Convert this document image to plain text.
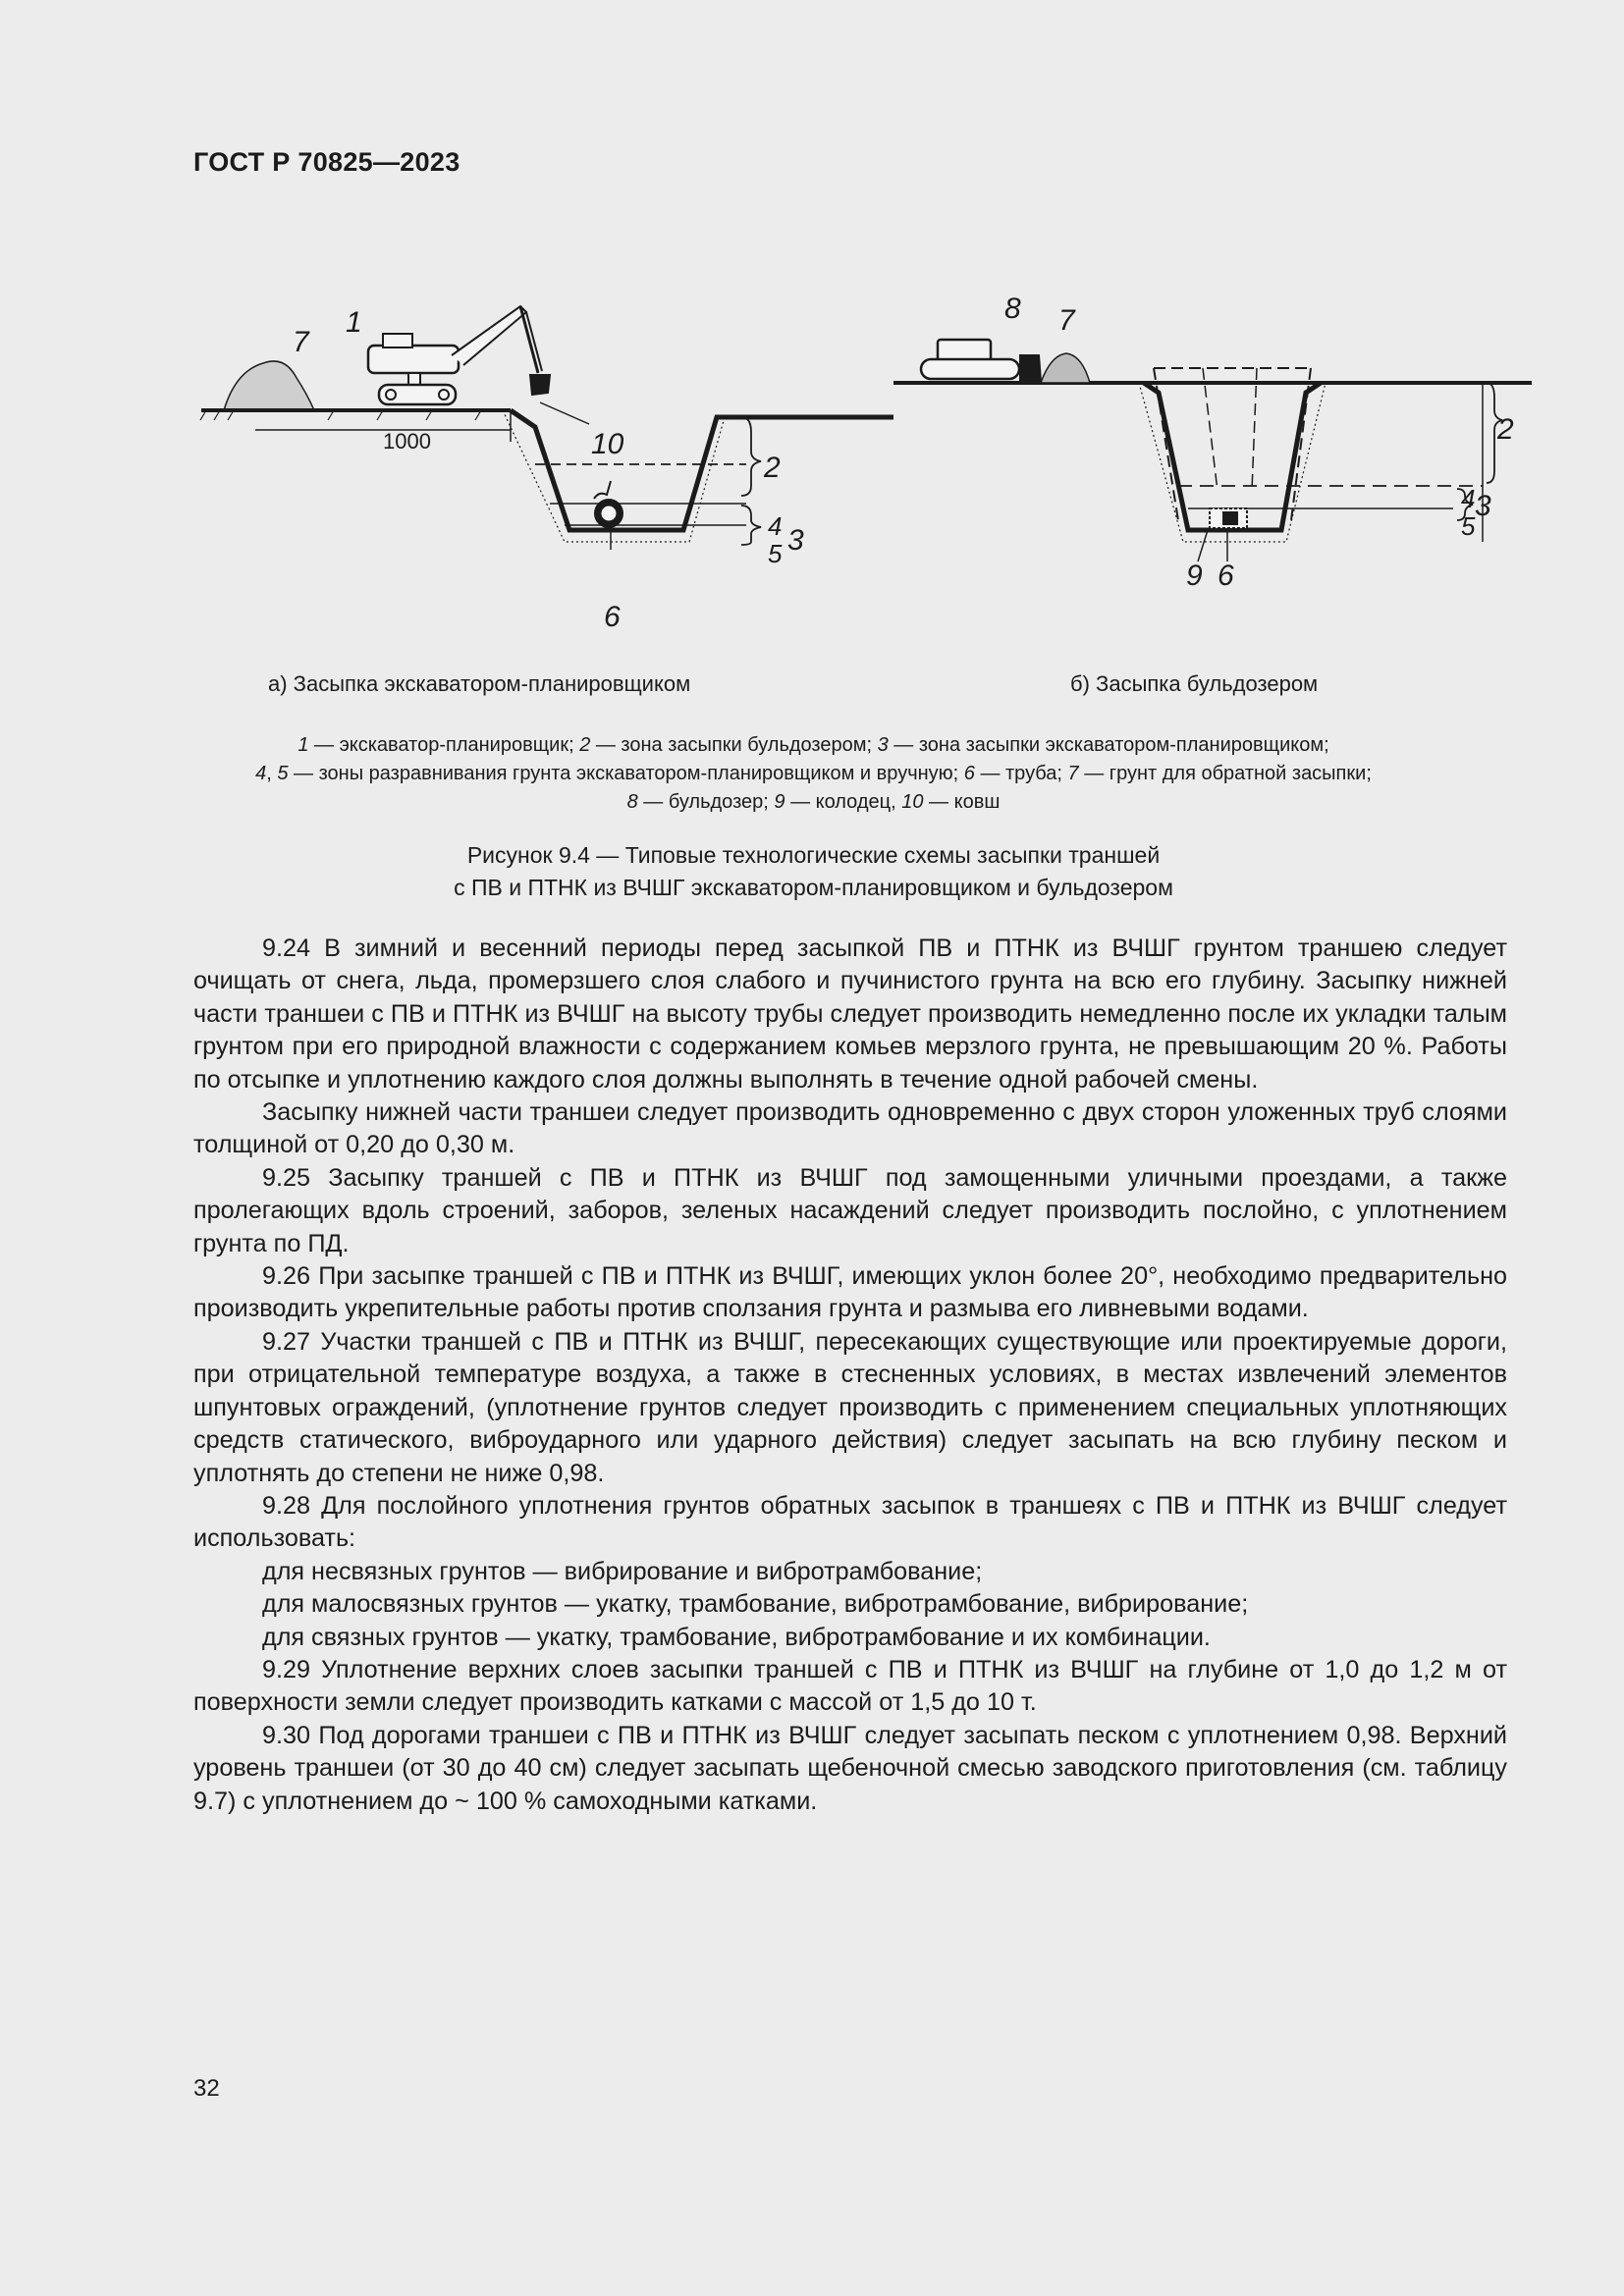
ГОСТ Р 70825—2023
7
1
1000	10
2
4
5 3
6
8 7
2
4 3
5
9 6
а) Засыпка экскаватором-планировщиком	б) Засыпка бульдозером
1 — экскаватор-планировщик; 2 — зона засыпки бульдозером; 3 — зона засыпки экскаватором-планировщиком;
4, 5 — зоны разравнивания грунта экскаватором-планировщиком и вручную; 6 — труба; 7 — грунт для обратной засыпки;
8 — бульдозер; 9 — колодец, 10 — ковш
Рисунок 9.4 — Типовые технологические схемы засыпки траншей
с ПВ и ПТНК из ВЧШГ экскаватором-планировщиком и бульдозером

9.24 В зимний и весенний периоды перед засыпкой ПВ и ПТНК из ВЧШГ грунтом траншею следует очищать от снега, льда, промерзшего слоя слабого и пучинистого грунта на всю его глубину. Засыпку нижней части траншеи с ПВ и ПТНК из ВЧШГ на высоту трубы следует производить немедленно после их укладки талым грунтом при его природной влажности с содержанием комьев мерзлого грунта, не превышающим 20 %. Работы по отсыпке и уплотнению каждого слоя должны выполнять в течение одной рабочей смены.

Засыпку нижней части траншеи следует производить одновременно с двух сторон уложенных труб слоями толщиной от 0,20 до 0,30 м.

9.25 Засыпку траншей с ПВ и ПТНК из ВЧШГ под замощенными уличными проездами, а также пролегающих вдоль строений, заборов, зеленых насаждений следует производить послойно, с уплотнением грунта по ПД.

9.26 При засыпке траншей с ПВ и ПТНК из ВЧШГ, имеющих уклон более 20°, необходимо предварительно производить укрепительные работы против сползания грунта и размыва его ливневыми водами.

9.27 Участки траншей с ПВ и ПТНК из ВЧШГ, пересекающих существующие или проектируемые дороги, при отрицательной температуре воздуха, а также в стесненных условиях, в местах извлечений элементов шпунтовых ограждений, (уплотнение грунтов следует производить с применением специальных уплотняющих средств статического, виброударного или ударного действия) следует засыпать на всю глубину песком и уплотнять до степени не ниже 0,98.

9.28 Для послойного уплотнения грунтов обратных засыпок в траншеях с ПВ и ПТНК из ВЧШГ следует использовать:

для несвязных грунтов — вибрирование и вибротрамбование;

для малосвязных грунтов — укатку, трамбование, вибротрамбование, вибрирование;

для связных грунтов — укатку, трамбование, вибротрамбование и их комбинации.

9.29 Уплотнение верхних слоев засыпки траншей с ПВ и ПТНК из ВЧШГ на глубине от 1,0 до 1,2 м от поверхности земли следует производить катками с массой от 1,5 до 10 т.

9.30 Под дорогами траншеи с ПВ и ПТНК из ВЧШГ следует засыпать песком с уплотнением 0,98. Верхний уровень траншеи (от 30 до 40 см) следует засыпать щебеночной смесью заводского приготовления (см. таблицу 9.7) с уплотнением до ~ 100 % самоходными катками.

32
